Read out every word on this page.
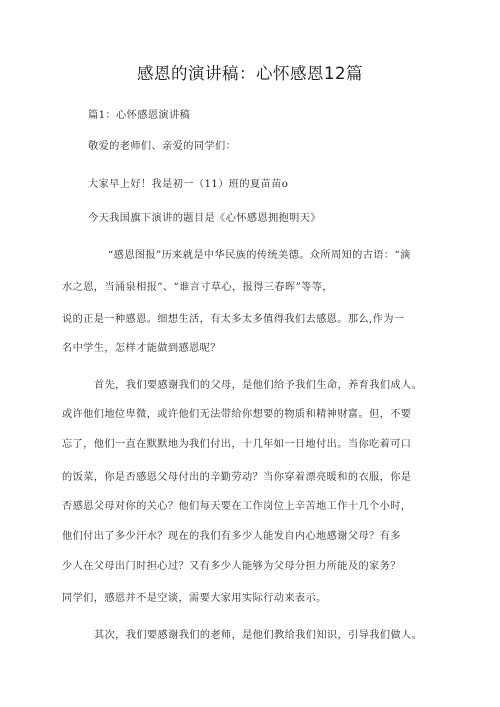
感恩的演讲稿：心怀感恩12篇
篇1：心怀感恩演讲稿
敬爱的老师们、亲爱的同学们：
大家早上好！我是初一（11）班的夏苗苗o
今天我国旗下演讲的题目是《心怀感恩拥抱明天》
“感恩图报”历来就是中华民族的传统美德。众所周知的古语：“滴
水之恩，当涌泉相报”、“谁言寸草心，报得三春晖”等等，
说的正是一种感恩。细想生活，有太多太多值得我们去感恩。那么,作为一
名中学生，怎样才能做到感恩呢？
首先，我们要感谢我们的父母，是他们给予我们生命，养育我们成人。
或许他们地位卑微，或许他们无法带给你想要的物质和精神财富。但，不要
忘了，他们一直在默默地为我们付出，十几年如一日地付出。当你吃着可口
的饭菜，你是否感恩父母付出的辛勤劳动？当你穿着漂亮暖和的衣服，你是
否感恩父母对你的关心？他们每天要在工作岗位上辛苦地工作十几个小时，
他们付出了多少汗水？现在的我们有多少人能发自内心地感谢父母？有多
少人在父母出门时担心过？又有多少人能够为父母分担力所能及的家务？
同学们，感恩并不是空谈，需要大家用实际行动来表示。
其次，我们要感谢我们的老师，是他们教给我们知识，引导我们做人。
